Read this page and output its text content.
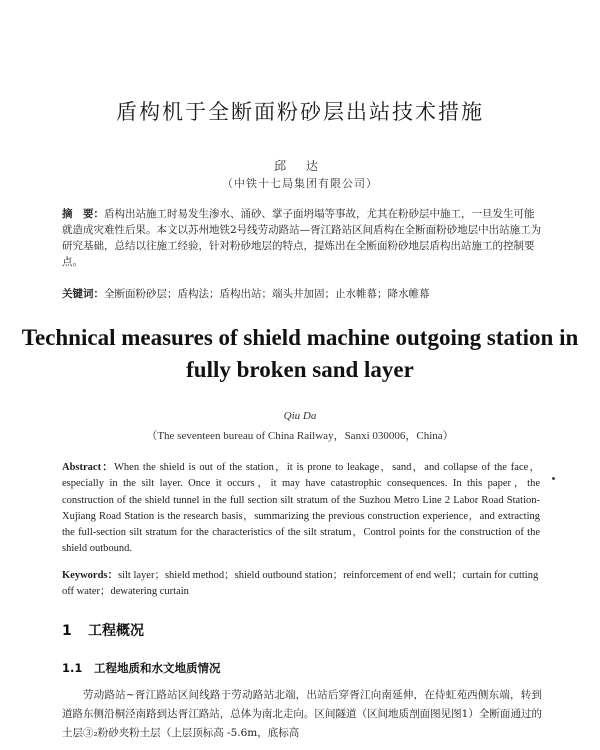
盾构机于全断面粉砂层出站技术措施
邱 达
（中铁十七局集团有限公司）
摘　要：盾构出站施工时易发生渗水、涌砂、掌子面坍塌等事故，尤其在粉砂层中施工，一旦发生可能就造成灾难性后果。本文以苏州地铁2号线劳动路站—胥江路站区间盾构在全断面粉砂地层中出站施工为研究基础，总结以往施工经验，针对粉砂地层的特点，提炼出在全断面粉砂地层盾构出站施工的控制要点。
关键词：全断面粉砂层；盾构法；盾构出站；端头井加固；止水帷幕；降水帷幕
Technical measures of shield machine outgoing station in fully broken sand layer
Qiu Da
（The seventeen bureau of China Railway，Sanxi 030006，China）
Abstract：When the shield is out of the station，it is prone to leakage，sand，and collapse of the face，especially in the silt layer. Once it occurs，it may have catastrophic consequences. In this paper，the construction of the shield tunnel in the full section silt stratum of the Suzhou Metro Line 2 Labor Road Station-Xujiang Road Station is the research basis，summarizing the previous construction experience，and extracting the full-section silt stratum for the characteristics of the silt stratum，Control points for the construction of the shield outbound.
Keywords：silt layer；shield method；shield outbound station；reinforcement of end well；curtain for cutting off water；dewatering curtain
1 工程概况
1.1 工程地质和水文地质情况
劳动路站~胥江路站区间线路于劳动路站北端，出站后穿胥江向南延伸，在侍虹苑西侧东端，转到道路东侧沿桐泾南路到达胥江路站，总体为南北走向。区间隧道（区间地质剖面图见图1）全断面通过的土层③₂粉砂夹粉土层（上层顶标高 -5.6m，底标高
